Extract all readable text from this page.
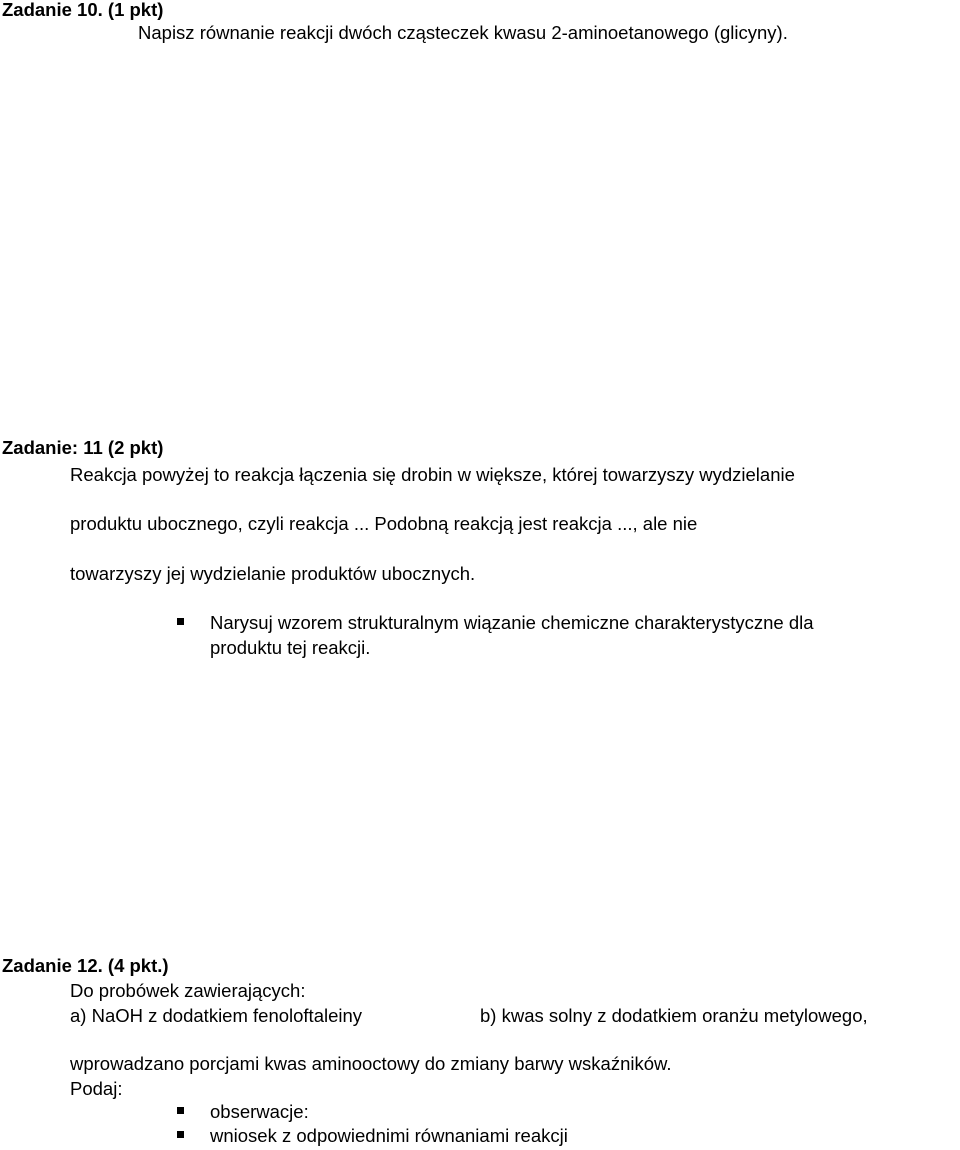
Zadanie 10. (1 pkt)
Napisz równanie reakcji dwóch cząsteczek kwasu 2-aminoetanowego (glicyny).
Zadanie: 11 (2 pkt)
Reakcja powyżej to reakcja łączenia się drobin w większe, której towarzyszy wydzielanie
produktu ubocznego, czyli reakcja ... Podobną reakcją jest reakcja ..., ale nie
towarzyszy jej wydzielanie produktów ubocznych.
Narysuj wzorem strukturalnym wiązanie chemiczne charakterystyczne dla
produktu tej reakcji.
Zadanie 12. (4 pkt.)
Do probówek zawierających:
a) NaOH z dodatkiem fenoloftaleiny	b) kwas solny z dodatkiem oranżu metylowego,
wprowadzano porcjami kwas aminooctowy do zmiany barwy wskaźników.
Podaj:
obserwacje:
wniosek z odpowiednimi równaniami reakcji
